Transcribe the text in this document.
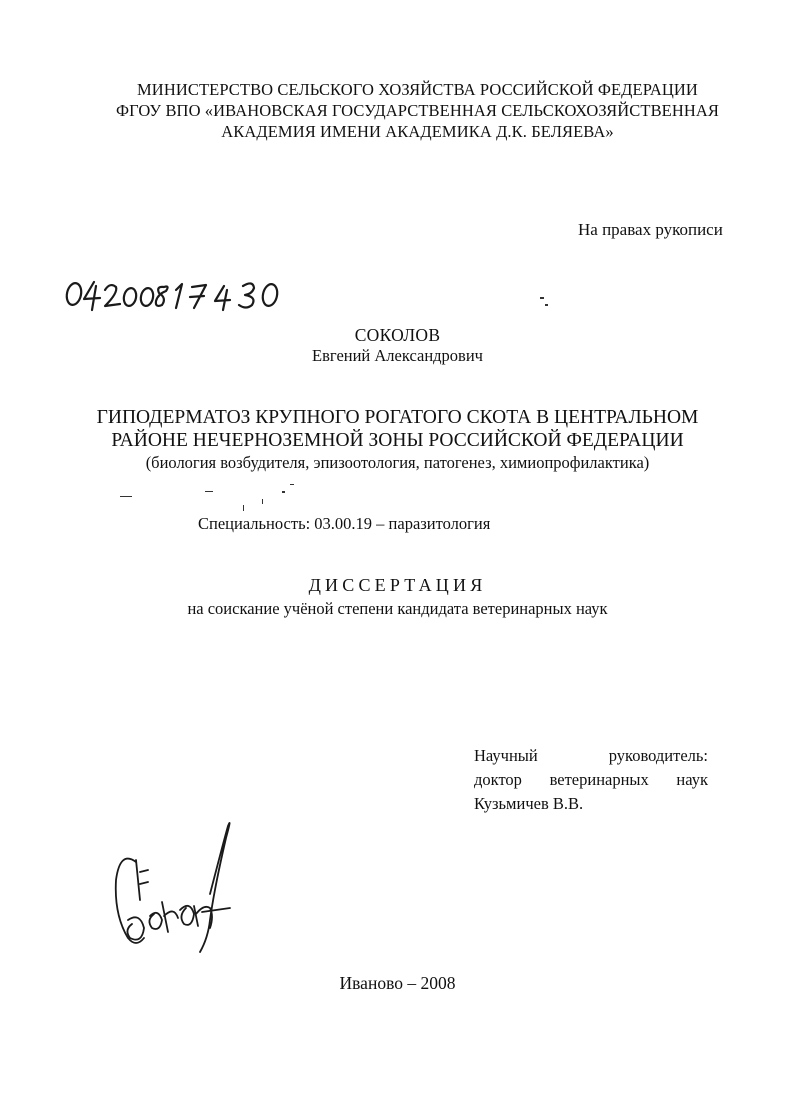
МИНИСТЕРСТВО СЕЛЬСКОГО ХОЗЯЙСТВА РОССИЙСКОЙ ФЕДЕРАЦИИ
ФГОУ ВПО «ИВАНОВСКАЯ ГОСУДАРСТВЕННАЯ СЕЛЬСКОХОЗЯЙСТВЕННАЯ
АКАДЕМИЯ ИМЕНИ АКАДЕМИКА Д.К. БЕЛЯЕВА»
На правах рукописи
СОКОЛОВ
Евгений Александрович
ГИПОДЕРМАТОЗ КРУПНОГО РОГАТОГО СКОТА В ЦЕНТРАЛЬНОМ
РАЙОНЕ НЕЧЕРНОЗЕМНОЙ ЗОНЫ РОССИЙСКОЙ ФЕДЕРАЦИИ
(биология возбудителя, эпизоотология, патогенез, химиопрофилактика)
Специальность: 03.00.19 – паразитология
ДИССЕРТАЦИЯ
на соискание учёной степени кандидата ветеринарных наук
Научный руководитель:
доктор ветеринарных наук
Кузьмичев В.В.
Иваново – 2008
